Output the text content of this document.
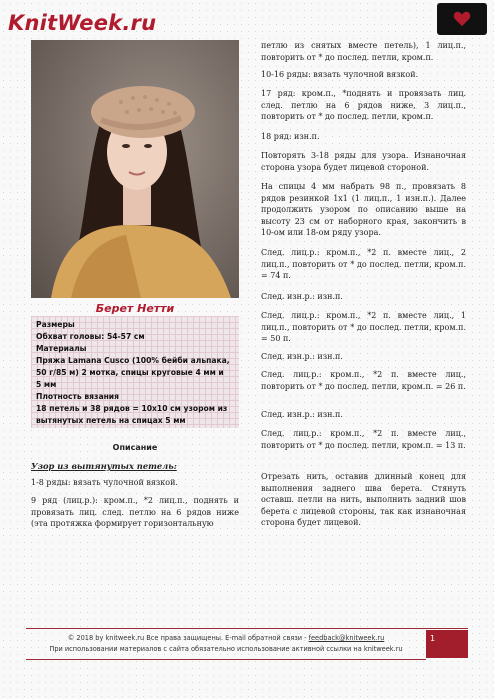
KnitWeek.ru
Берет Нетти
Размеры
Обхват головы: 54-57 см
Материалы
Пряжа Lamana Cusco (100% бейби альпака,
50 г/85 м) 2 мотка, спицы круговые 4 мм и
5 мм
Плотность вязания
18 петель и 38 рядов = 10х10 см узором из
вытянутых петель на спицах 5 мм
Описание
Узор из вытянутых петель:
1-8 ряды: вязать чулочной вязкой.
9 ряд (лиц.р.): кром.п., *2 лиц.п., поднять и провязать лиц. след. петлю на 6 рядов ниже (эта протяжка формирует горизонтальную
петлю из снятых вместе петель), 1 лиц.п., повторить от * до послед. петли, кром.п.
10-16 ряды: вязать чулочной вязкой.
17 ряд: кром.п., *поднять и провязать лиц. след. петлю на 6 рядов ниже, 3 лиц.п., повторить от * до послед. петли, кром.п.
18 ряд: изн.п.
Повторять 3-18 ряды для узора. Изнаночная сторона узора будет лицевой стороной.
На спицы 4 мм набрать 98 п., провязать 8 рядов резинкой 1х1 (1 лиц.п., 1 изн.п.). Далее продолжить узором по описанию выше на высоту 23 см от наборного края, закончить в 10-ом или 18-ом ряду узора.
След. лиц.р.: кром.п., *2 п. вместе лиц., 2 лиц.п., повторить от * до послед. петли, кром.п. = 74 п.
След. изн.р.: изн.п.
След. лиц.р.: кром.п., *2 п. вместе лиц., 1 лиц.п., повторить от * до послед. петли, кром.п. = 50 п.
След. изн.р.: изн.п.
След. лиц.р.: кром.п., *2 п. вместе лиц., повторить от * до послед. петли, кром.п. = 26 п.
След. изн.р.: изн.п.
След. лиц.р.: кром.п., *2 п. вместе лиц., повторить от * до послед. петли, кром.п. = 13 п.
Отрезать нить, оставив длинный конец для выполнения заднего шва берета. Стянуть оставш. петли на нить, выполнить задний шов берета с лицевой стороны, так как изнаночная сторона будет лицевой.
© 2018 by knitweek.ru Все права защищены. E-mail обратной связи - feedback@knitweek.ru
При использовании материалов с сайта обязательно использование активной ссылки на knitweek.ru
1
